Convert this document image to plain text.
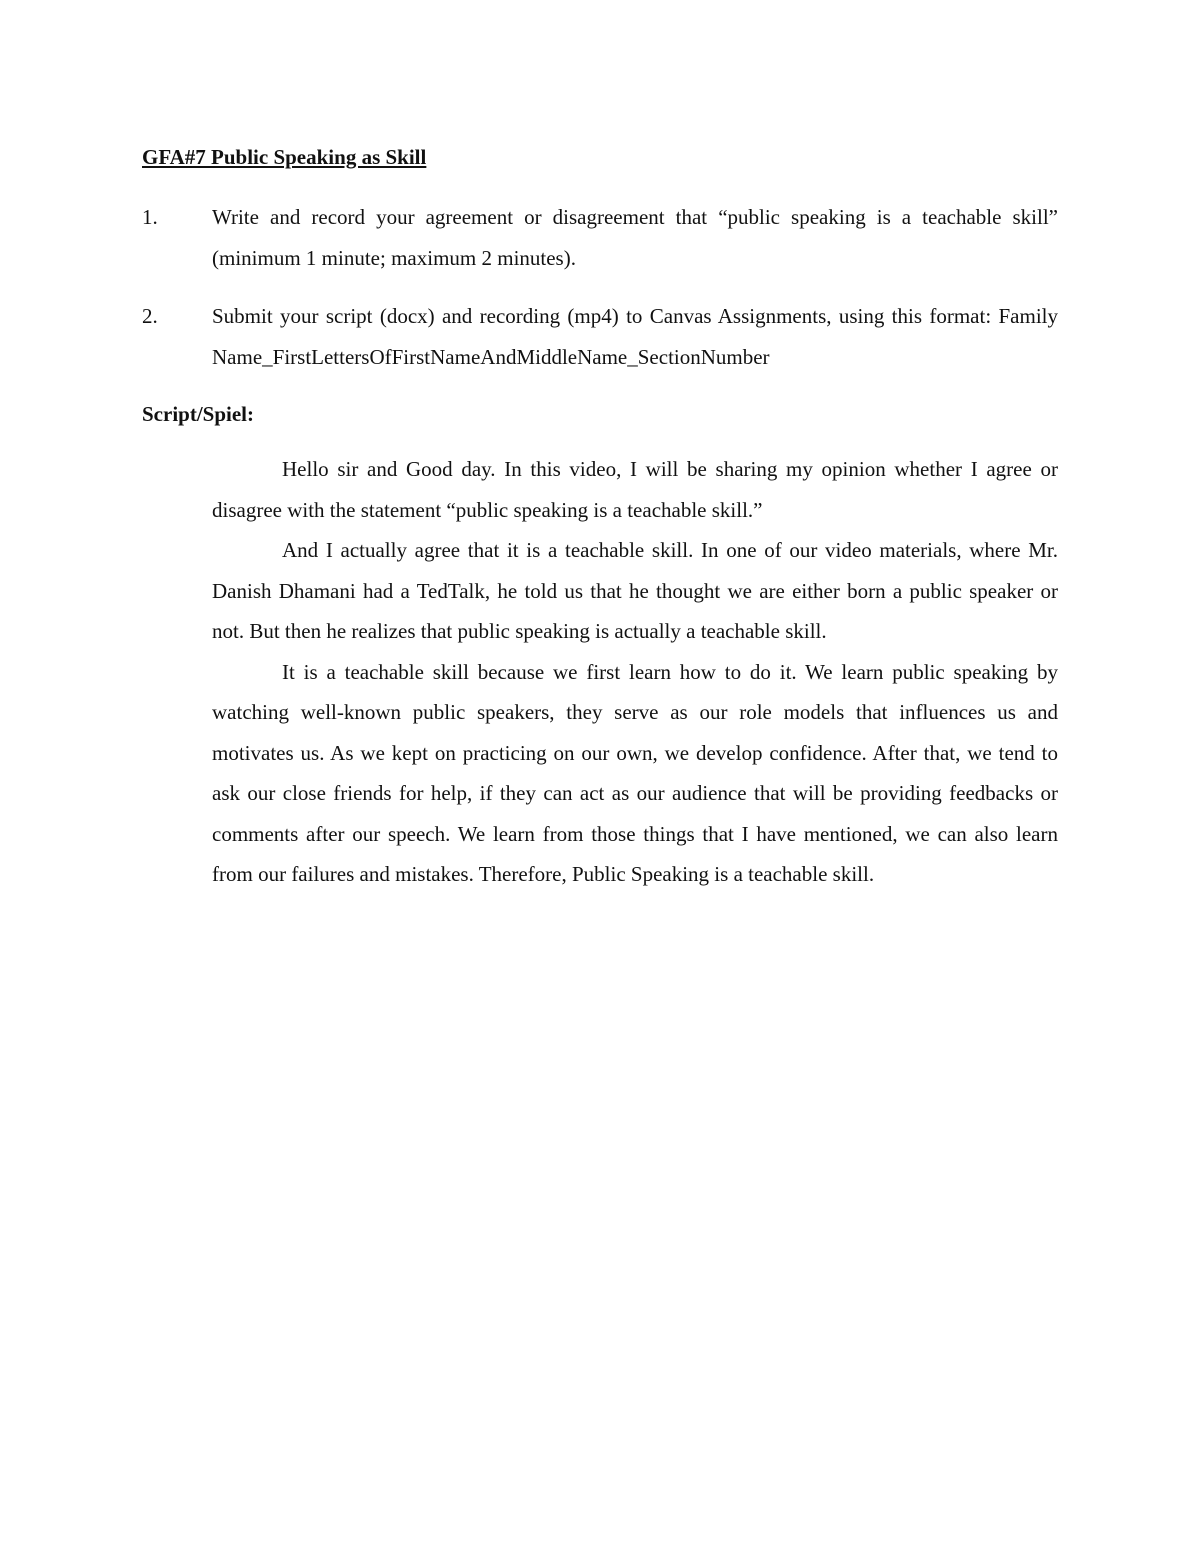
GFA#7 Public Speaking as Skill
1.	Write and record your agreement or disagreement that “public speaking is a teachable skill” (minimum 1 minute; maximum 2 minutes).
2.	Submit your script (docx) and recording (mp4) to Canvas Assignments, using this format: Family Name_FirstLettersOfFirstNameAndMiddleName_SectionNumber
Script/Spiel:

Hello sir and Good day. In this video, I will be sharing my opinion whether I agree or disagree with the statement “public speaking is a teachable skill.”

And I actually agree that it is a teachable skill. In one of our video materials, where Mr. Danish Dhamani had a TedTalk, he told us that he thought we are either born a public speaker or not. But then he realizes that public speaking is actually a teachable skill.

It is a teachable skill because we first learn how to do it. We learn public speaking by watching well-known public speakers, they serve as our role models that influences us and motivates us. As we kept on practicing on our own, we develop confidence. After that, we tend to ask our close friends for help, if they can act as our audience that will be providing feedbacks or comments after our speech. We learn from those things that I have mentioned, we can also learn from our failures and mistakes. Therefore, Public Speaking is a teachable skill.
